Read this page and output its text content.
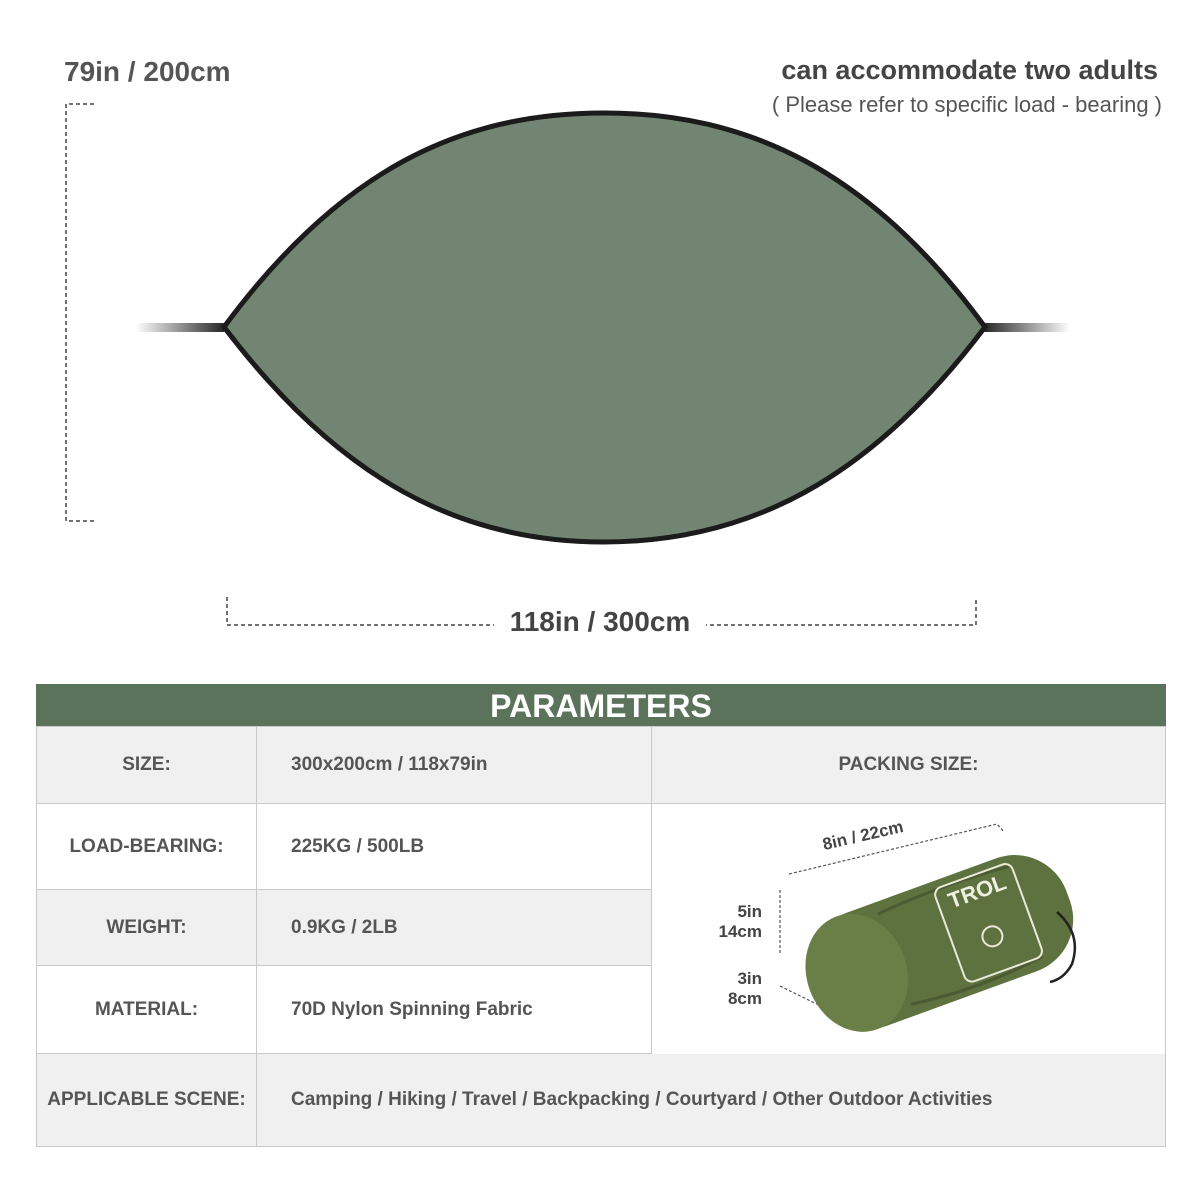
79in / 200cm	can accommodate two adults
( Please refer to specific load - bearing )
118in / 300cm
PARAMETERS
SIZE:	300x200cm / 118x79in	PACKING SIZE:
LOAD-BEARING:	225KG / 500LB
WEIGHT:	0.9KG / 2LB
MATERIAL:	70D Nylon Spinning Fabric
APPLICABLE SCENE:	Camping / Hiking / Travel / Backpacking / Courtyard / Other Outdoor Activities
TROL
8in / 22cm
5in
14cm
3in
8cm
